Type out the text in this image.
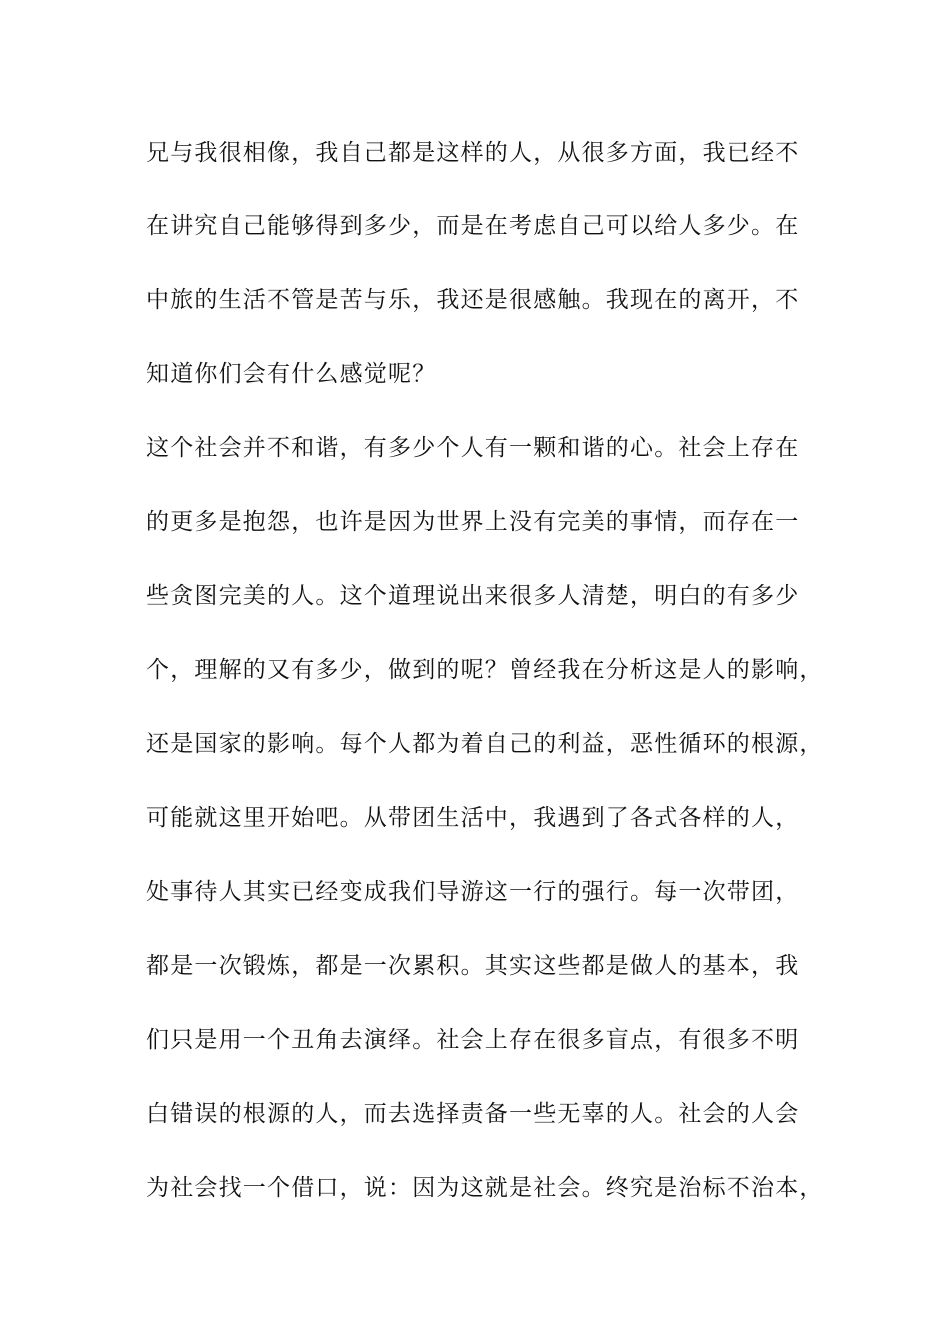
兄与我很相像，我自己都是这样的人，从很多方面，我已经不
在讲究自己能够得到多少，而是在考虑自己可以给人多少。在
中旅的生活不管是苦与乐，我还是很感触。我现在的离开，不
知道你们会有什么感觉呢？
这个社会并不和谐，有多少个人有一颗和谐的心。社会上存在
的更多是抱怨，也许是因为世界上没有完美的事情，而存在一
些贪图完美的人。这个道理说出来很多人清楚，明白的有多少
个，理解的又有多少，做到的呢？曾经我在分析这是人的影响，
还是国家的影响。每个人都为着自己的利益，恶性循环的根源，
可能就这里开始吧。从带团生活中，我遇到了各式各样的人，
处事待人其实已经变成我们导游这一行的强行。每一次带团，
都是一次锻炼，都是一次累积。其实这些都是做人的基本，我
们只是用一个丑角去演绎。社会上存在很多盲点，有很多不明
白错误的根源的人，而去选择责备一些无辜的人。社会的人会
为社会找一个借口，说：因为这就是社会。终究是治标不治本，
